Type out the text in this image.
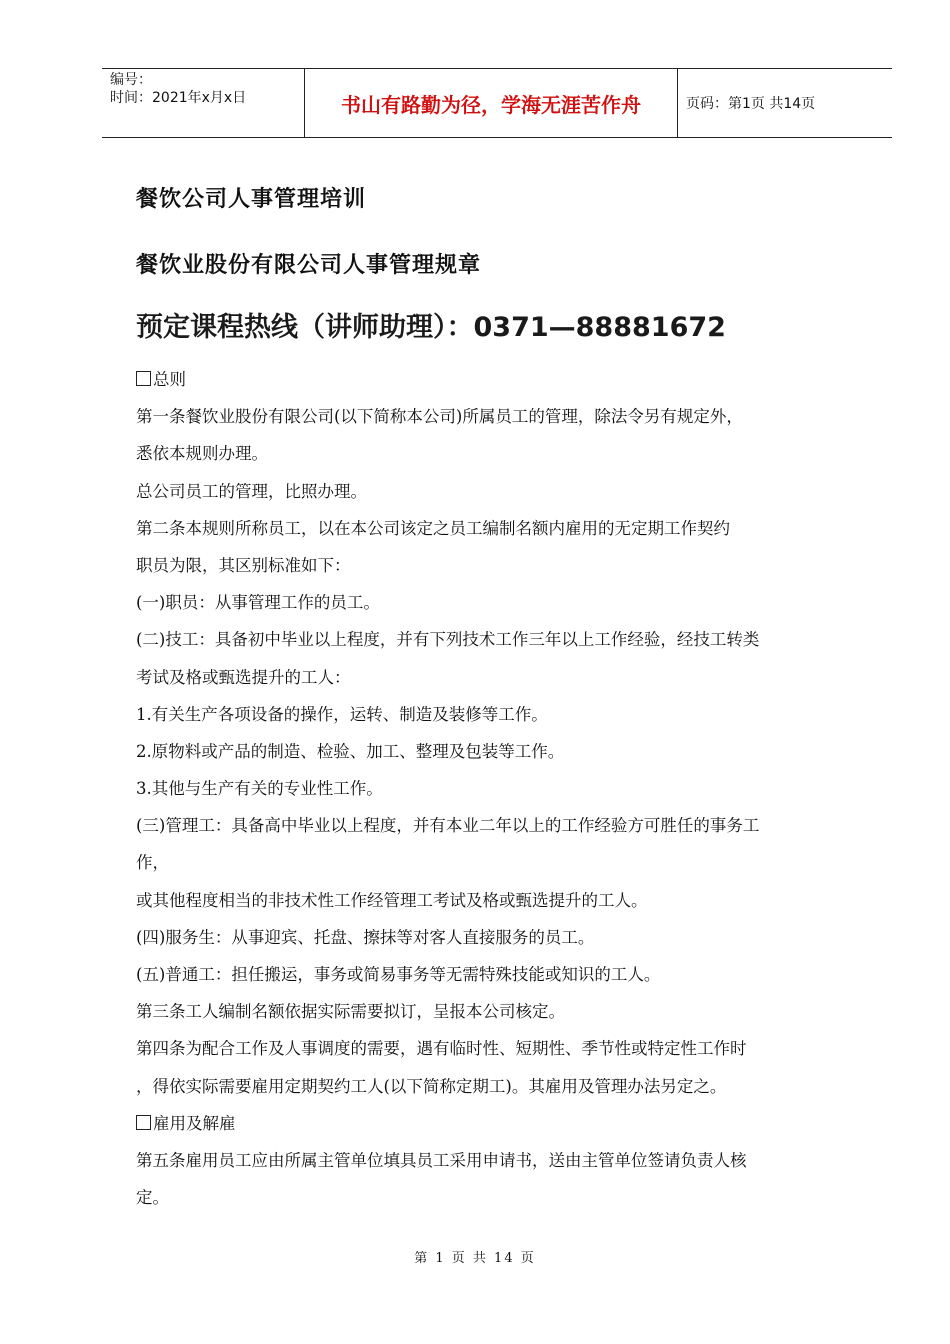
编号：
时间：2021年x月x日	书山有路勤为径，学海无涯苦作舟	页码：第1页 共14页
餐饮公司人事管理培训
餐饮业股份有限公司人事管理规章
预定课程热线（讲师助理）：0371—88881672
总则
第一条餐饮业股份有限公司(以下简称本公司)所属员工的管理，除法令另有规定外，
悉依本规则办理。
总公司员工的管理，比照办理。
第二条本规则所称员工，以在本公司该定之员工编制名额内雇用的无定期工作契约
职员为限，其区别标准如下：
(一)职员：从事管理工作的员工。
(二)技工：具备初中毕业以上程度，并有下列技术工作三年以上工作经验，经技工转类
考试及格或甄选提升的工人：
1.有关生产各项设备的操作，运转、制造及装修等工作。
2.原物料或产品的制造、检验、加工、整理及包装等工作。
3.其他与生产有关的专业性工作。
(三)管理工：具备高中毕业以上程度，并有本业二年以上的工作经验方可胜任的事务工
作，
或其他程度相当的非技术性工作经管理工考试及格或甄选提升的工人。
(四)服务生：从事迎宾、托盘、擦抹等对客人直接服务的员工。
(五)普通工：担任搬运，事务或简易事务等无需特殊技能或知识的工人。
第三条工人编制名额依据实际需要拟订，呈报本公司核定。
第四条为配合工作及人事调度的需要，遇有临时性、短期性、季节性或特定性工作时
，得依实际需要雇用定期契约工人(以下简称定期工)。其雇用及管理办法另定之。
雇用及解雇
第五条雇用员工应由所属主管单位填具员工采用申请书，送由主管单位签请负责人核
定。
第 1 页 共 14 页
